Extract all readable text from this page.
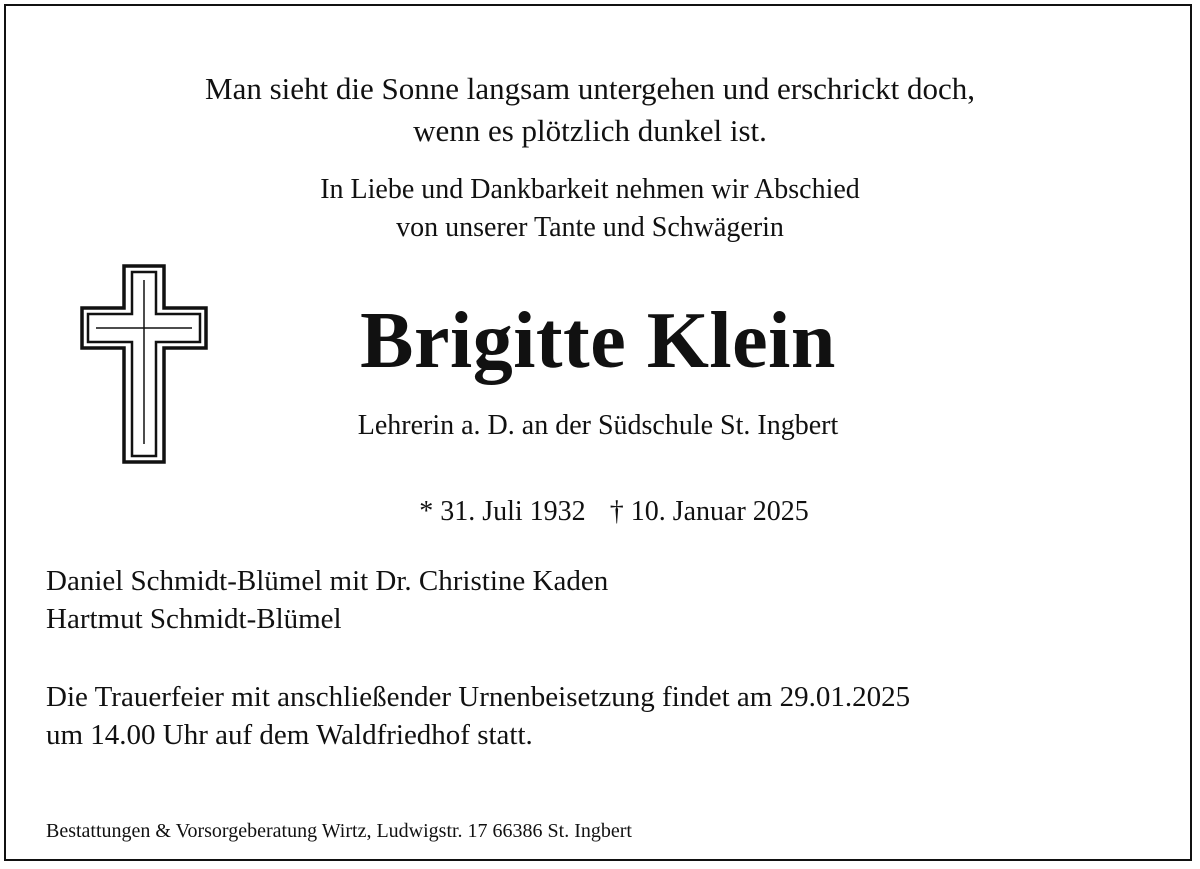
Man sieht die Sonne langsam untergehen und erschrickt doch,
wenn es plötzlich dunkel ist.
In Liebe und Dankbarkeit nehmen wir Abschied
von unserer Tante und Schwägerin
Brigitte Klein
Lehrerin a. D. an der Südschule St. Ingbert
* 31. Juli 1932 † 10. Januar 2025
Daniel Schmidt-Blümel mit Dr. Christine Kaden
Hartmut Schmidt-Blümel
Die Trauerfeier mit anschließender Urnenbeisetzung findet am 29.01.2025
um 14.00 Uhr auf dem Waldfriedhof statt.
Bestattungen & Vorsorgeberatung Wirtz, Ludwigstr. 17 66386 St. Ingbert
